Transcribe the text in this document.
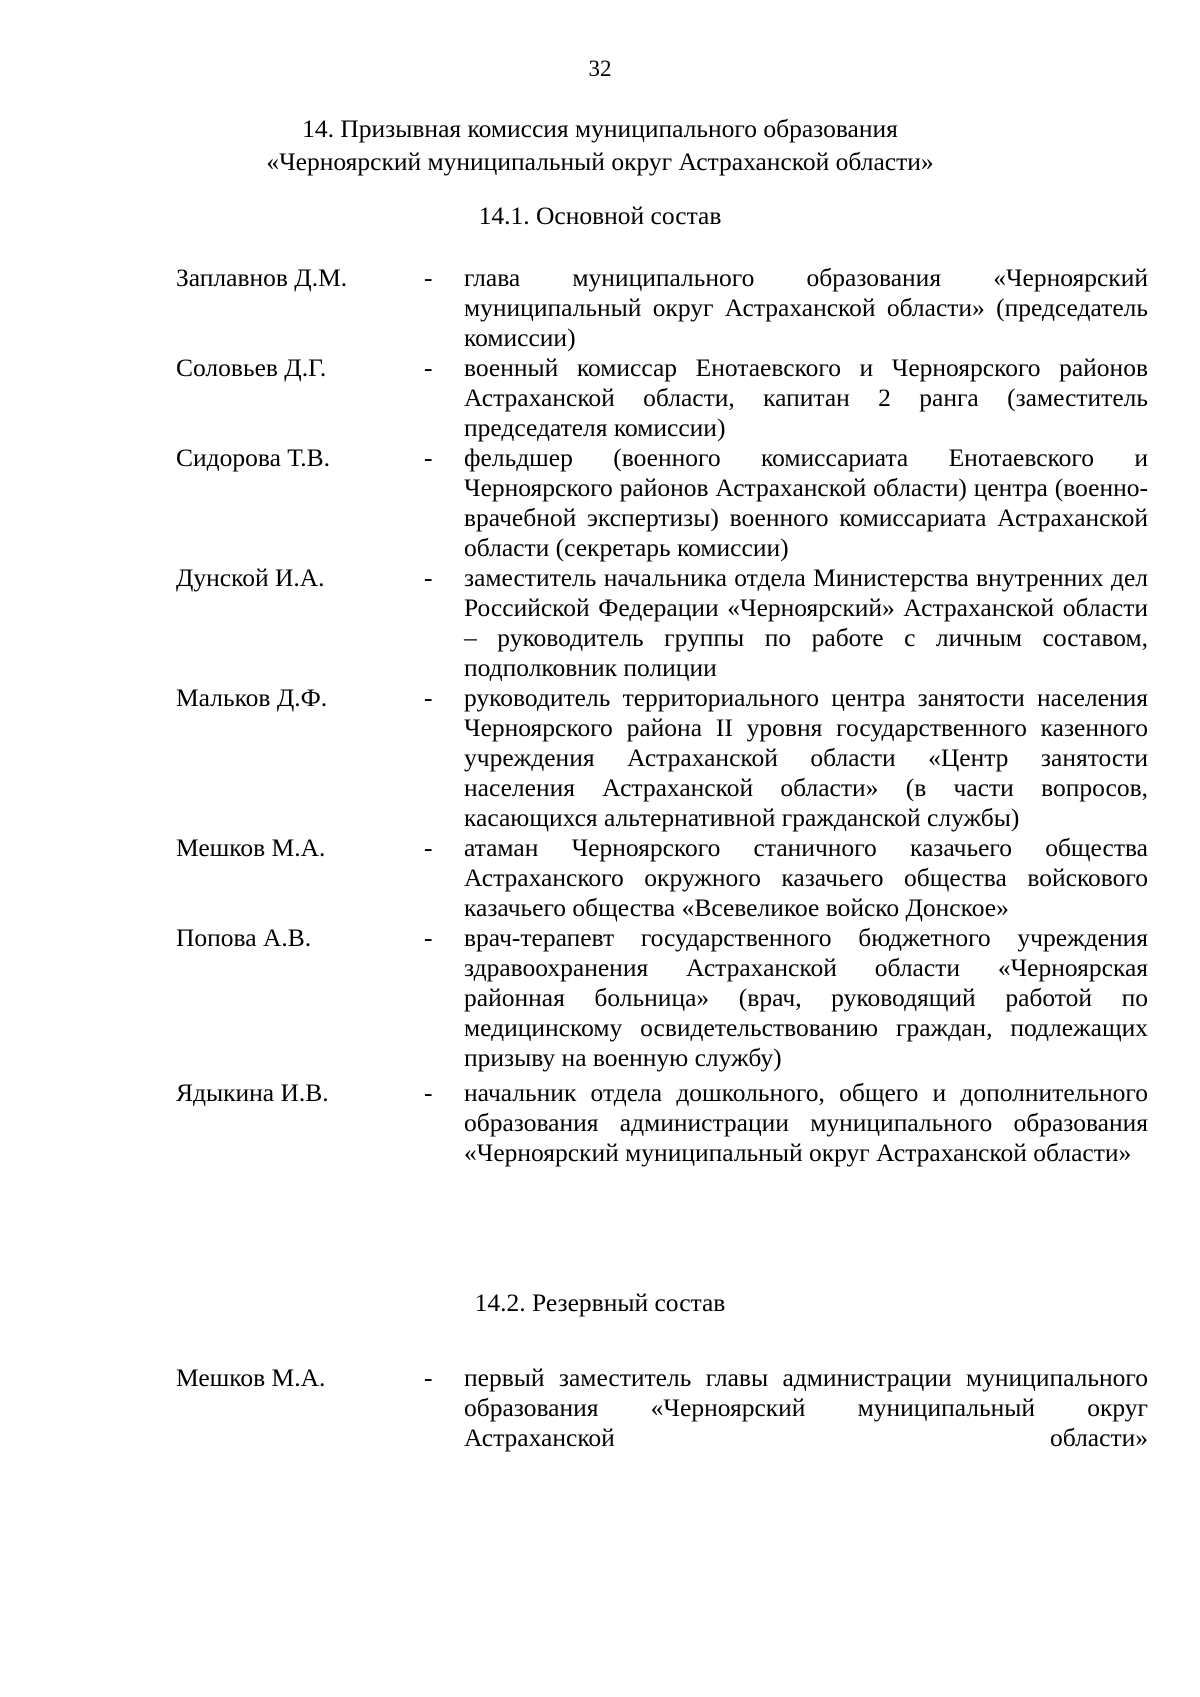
32
14. Призывная комиссия муниципального образования
«Черноярский муниципальный округ Астраханской области»
14.1. Основной состав
Заплавнов Д.М.	-	глава муниципального образования «Черноярский муниципальный округ Астраханской области» (председатель комиссии)
Соловьев Д.Г.	-	военный комиссар Енотаевского и Черноярского районов Астраханской области, капитан 2 ранга (заместитель председателя комиссии)
Сидорова Т.В.	-	фельдшер (военного комиссариата Енотаевского и Черноярского районов Астраханской области) центра (военно-врачебной экспертизы) военного комиссариата Астраханской области (секретарь комиссии)
Дунской И.А.	-	заместитель начальника отдела Министерства внутренних дел Российской Федерации «Черноярский» Астраханской области – руководитель группы по работе с личным составом, подполковник полиции
Мальков Д.Ф.	-	руководитель территориального центра занятости населения Черноярского района II уровня государственного казенного учреждения Астраханской области «Центр занятости населения Астраханской области» (в части вопросов, касающихся альтернативной гражданской службы)
Мешков М.А.	-	атаман Черноярского станичного казачьего общества Астраханского окружного казачьего общества войскового казачьего общества «Всевеликое войско Донское»
Попова А.В.	-	врач-терапевт государственного бюджетного учреждения здравоохранения Астраханской области «Черноярская районная больница» (врач, руководящий работой по медицинскому освидетельствованию граждан, подлежащих призыву на военную службу)
Ядыкина И.В.	-	начальник отдела дошкольного, общего и дополнительного образования администрации муниципального образования «Черноярский муниципальный округ Астраханской области»
14.2. Резервный состав
Мешков М.А.	-	первый заместитель главы администрации муниципального образования «Черноярский муниципальный округ Астраханской области»
